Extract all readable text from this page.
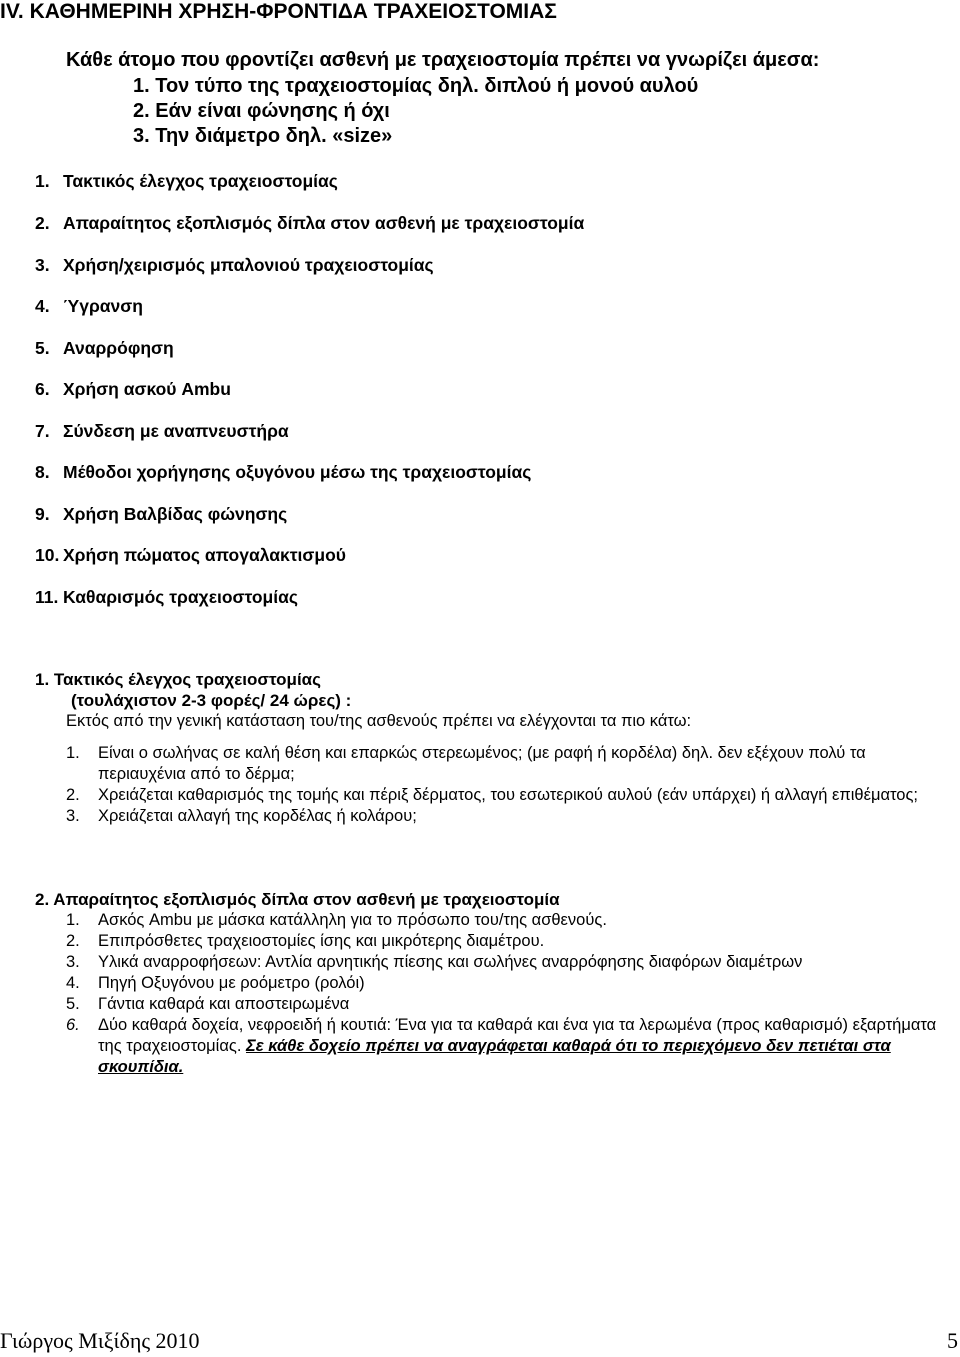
IV. ΚΑΘΗΜΕΡΙΝΗ ΧΡΗΣΗ-ΦΡΟΝΤΙΔΑ ΤΡΑΧΕΙΟΣΤΟΜΙΑΣ
Κάθε άτομο που φροντίζει ασθενή με τραχειοστομία πρέπει να γνωρίζει άμεσα:
1. Τον τύπο της τραχειοστομίας δηλ. διπλού ή μονού αυλού
2. Εάν είναι φώνησης ή όχι
3. Την διάμετρο δηλ. «size»
1. Τακτικός έλεγχος τραχειοστομίας
2. Απαραίτητος εξοπλισμός δίπλα στον ασθενή με τραχειοστομία
3. Χρήση/χειρισμός μπαλονιού τραχειοστομίας
4. Ύγρανση
5. Αναρρόφηση
6. Χρήση ασκού Ambu
7. Σύνδεση με αναπνευστήρα
8. Μέθοδοι χορήγησης οξυγόνου μέσω της τραχειοστομίας
9. Χρήση Βαλβίδας φώνησης
10. Χρήση πώματος απογαλακτισμού
11. Καθαρισμός τραχειοστομίας
1. Τακτικός έλεγχος τραχειοστομίας
(τουλάχιστον 2-3 φορές/ 24 ώρες) :
Εκτός από την γενική κατάσταση του/της ασθενούς πρέπει να ελέγχονται τα πιο κάτω:
1. Είναι ο σωλήνας σε καλή θέση και επαρκώς στερεωμένος; (με ραφή ή κορδέλα) δηλ. δεν εξέχουν πολύ τα περιαυχένια από το δέρμα;
2. Χρειάζεται καθαρισμός της τομής και πέριξ δέρματος, του εσωτερικού αυλού (εάν υπάρχει) ή αλλαγή επιθέματος;
3. Χρειάζεται αλλαγή της κορδέλας ή κολάρου;
2. Απαραίτητος εξοπλισμός δίπλα στον ασθενή με τραχειοστομία
1. Ασκός Ambu με μάσκα κατάλληλη για το πρόσωπο του/της ασθενούς.
2. Επιπρόσθετες τραχειοστομίες ίσης και μικρότερης διαμέτρου.
3. Υλικά αναρροφήσεων: Αντλία αρνητικής πίεσης και σωλήνες αναρρόφησης διαφόρων διαμέτρων
4. Πηγή Οξυγόνου με ροόμετρο (ρολόι)
5. Γάντια καθαρά και αποστειρωμένα
6. Δύο καθαρά δοχεία, νεφροειδή ή κουτιά: Ένα για τα καθαρά και ένα για τα λερωμένα (προς καθαρισμό) εξαρτήματα της τραχειοστομίας. Σε κάθε δοχείο πρέπει να αναγράφεται καθαρά ότι το περιεχόμενο δεν πετιέται στα σκουπίδια.
Γιώργος Μιξίδης 2010	5
